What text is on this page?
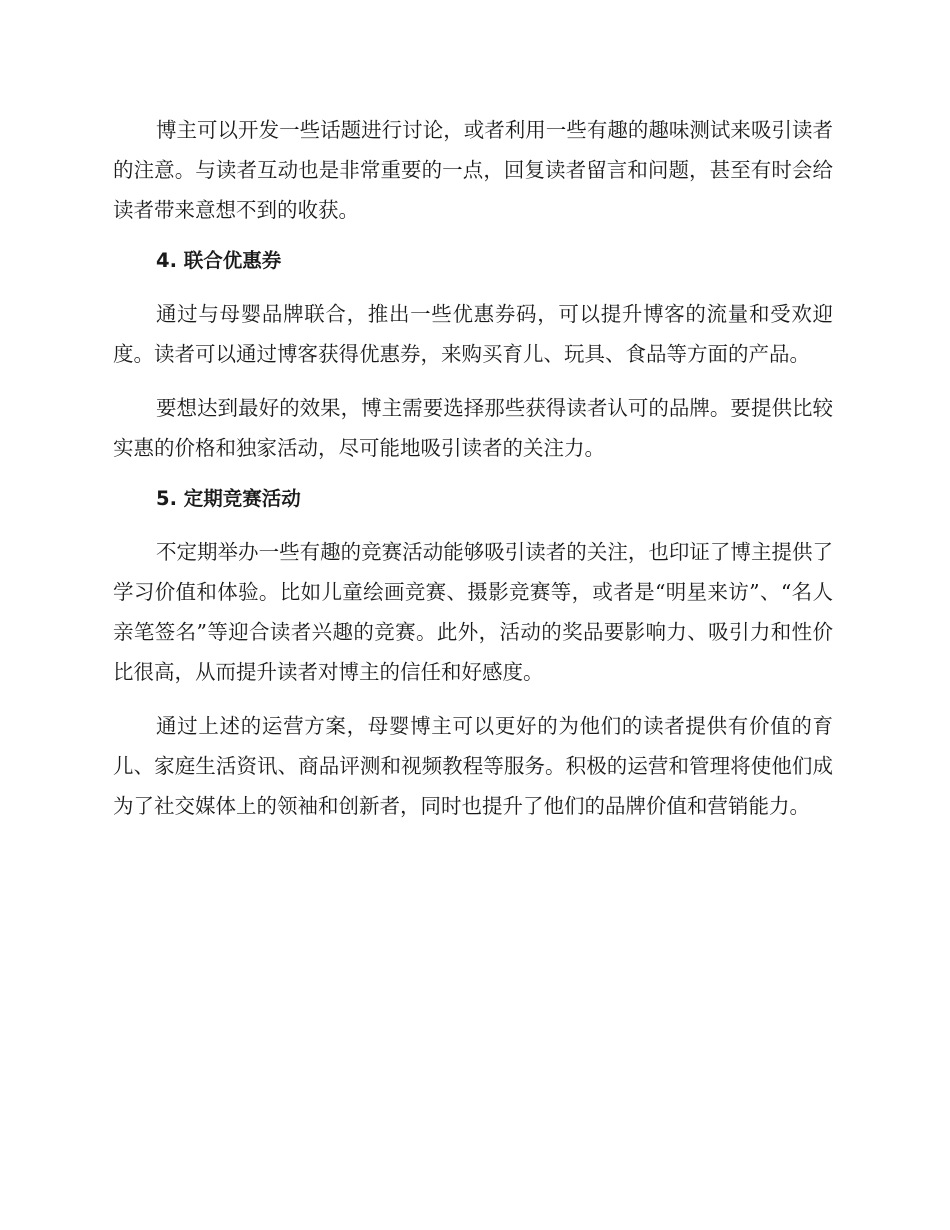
博主可以开发一些话题进行讨论，或者利用一些有趣的趣味测试来吸引读者的注意。与读者互动也是非常重要的一点，回复读者留言和问题，甚至有时会给读者带来意想不到的收获。

4. 联合优惠券

通过与母婴品牌联合，推出一些优惠券码，可以提升博客的流量和受欢迎度。读者可以通过博客获得优惠券，来购买育儿、玩具、食品等方面的产品。

要想达到最好的效果，博主需要选择那些获得读者认可的品牌。要提供比较实惠的价格和独家活动，尽可能地吸引读者的关注力。

5. 定期竞赛活动

不定期举办一些有趣的竞赛活动能够吸引读者的关注，也印证了博主提供了学习价值和体验。比如儿童绘画竞赛、摄影竞赛等，或者是“明星来访”、“名人亲笔签名”等迎合读者兴趣的竞赛。此外，活动的奖品要影响力、吸引力和性价比很高，从而提升读者对博主的信任和好感度。

通过上述的运营方案，母婴博主可以更好的为他们的读者提供有价值的育儿、家庭生活资讯、商品评测和视频教程等服务。积极的运营和管理将使他们成为了社交媒体上的领袖和创新者，同时也提升了他们的品牌价值和营销能力。
